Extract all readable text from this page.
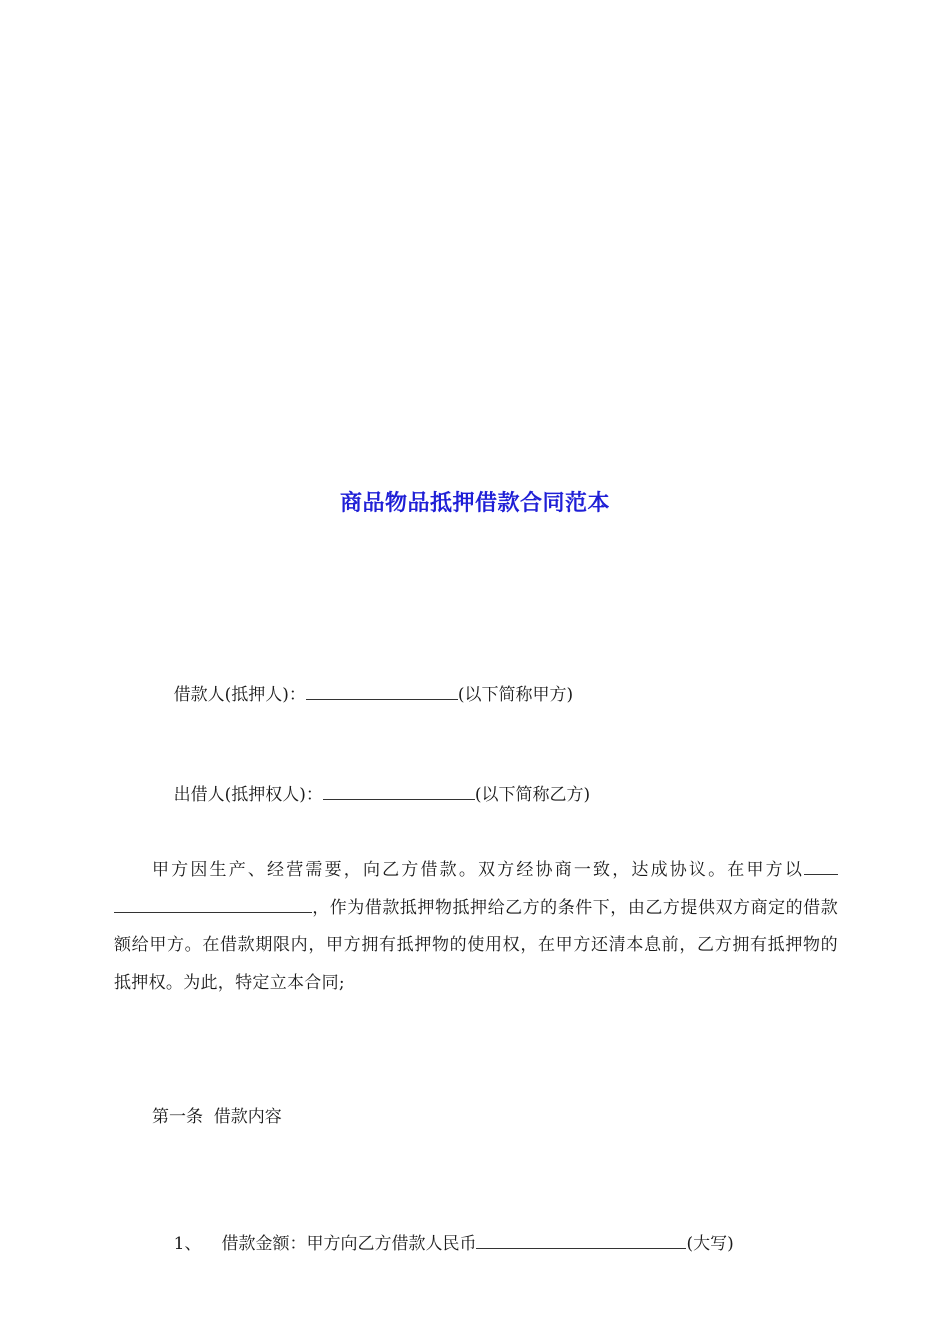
商品物品抵押借款合同范本

借款人(抵押人)：	(以下简称甲方)

出借人(抵押权人)：	(以下简称乙方)

甲方因生产、经营需要，向乙方借款。双方经协商一致，达成协议。在甲方以，作为借款抵押物抵押给乙方的条件下，由乙方提供双方商定的借款额给甲方。在借款期限内，甲方拥有抵押物的使用权，在甲方还清本息前，乙方拥有抵押物的抵押权。为此，特定立本合同;
第一条  借款内容

1、 借款金额：甲方向乙方借款人民币	(大写)
